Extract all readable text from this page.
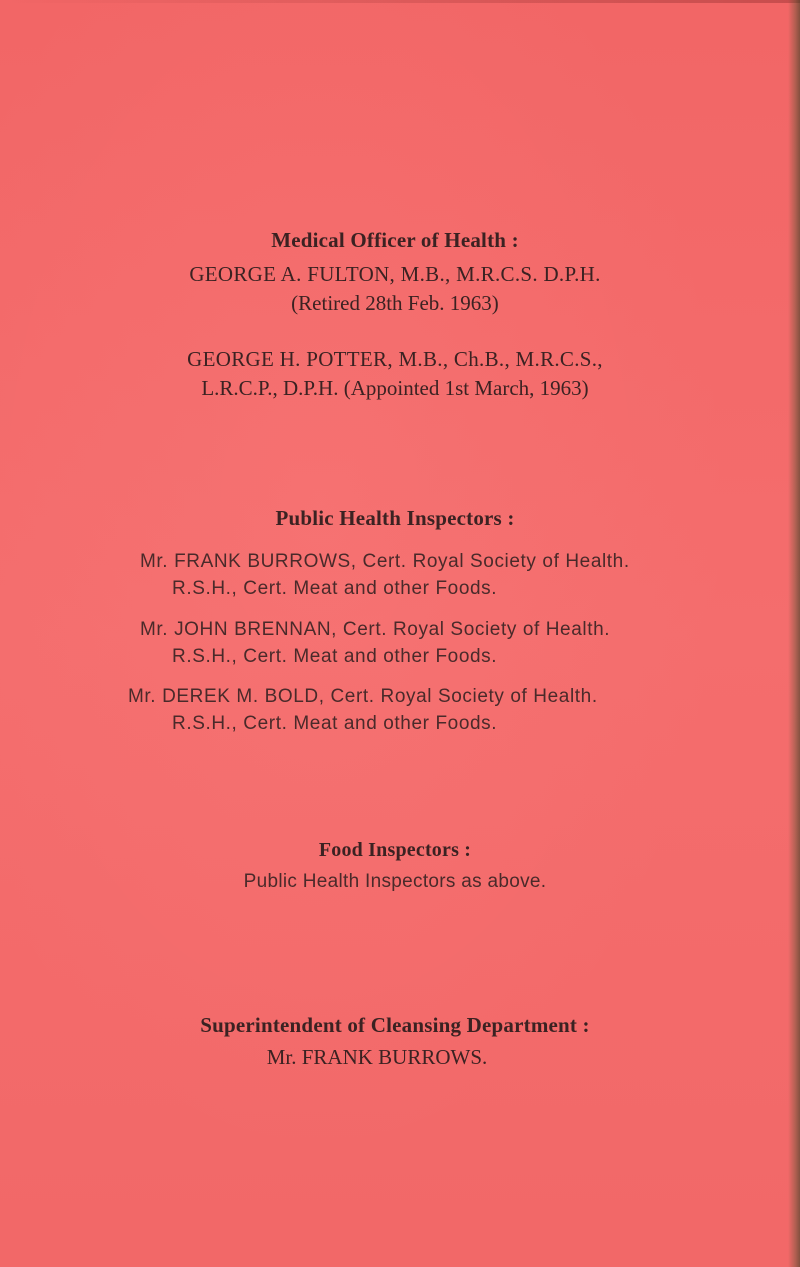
Medical Officer of Health :
GEORGE A. FULTON, M.B., M.R.C.S. D.P.H.
(Retired 28th Feb. 1963)
GEORGE H. POTTER, M.B., Ch.B., M.R.C.S.,
L.R.C.P., D.P.H. (Appointed 1st March, 1963)
Public Health Inspectors :
Mr. FRANK BURROWS, Cert. Royal Society of Health.
R.S.H., Cert. Meat and other Foods.
Mr. JOHN BRENNAN, Cert. Royal Society of Health.
R.S.H., Cert. Meat and other Foods.
Mr. DEREK M. BOLD, Cert. Royal Society of Health.
R.S.H., Cert. Meat and other Foods.
Food Inspectors :
Public Health Inspectors as above.
Superintendent of Cleansing Department :
Mr. FRANK BURROWS.
